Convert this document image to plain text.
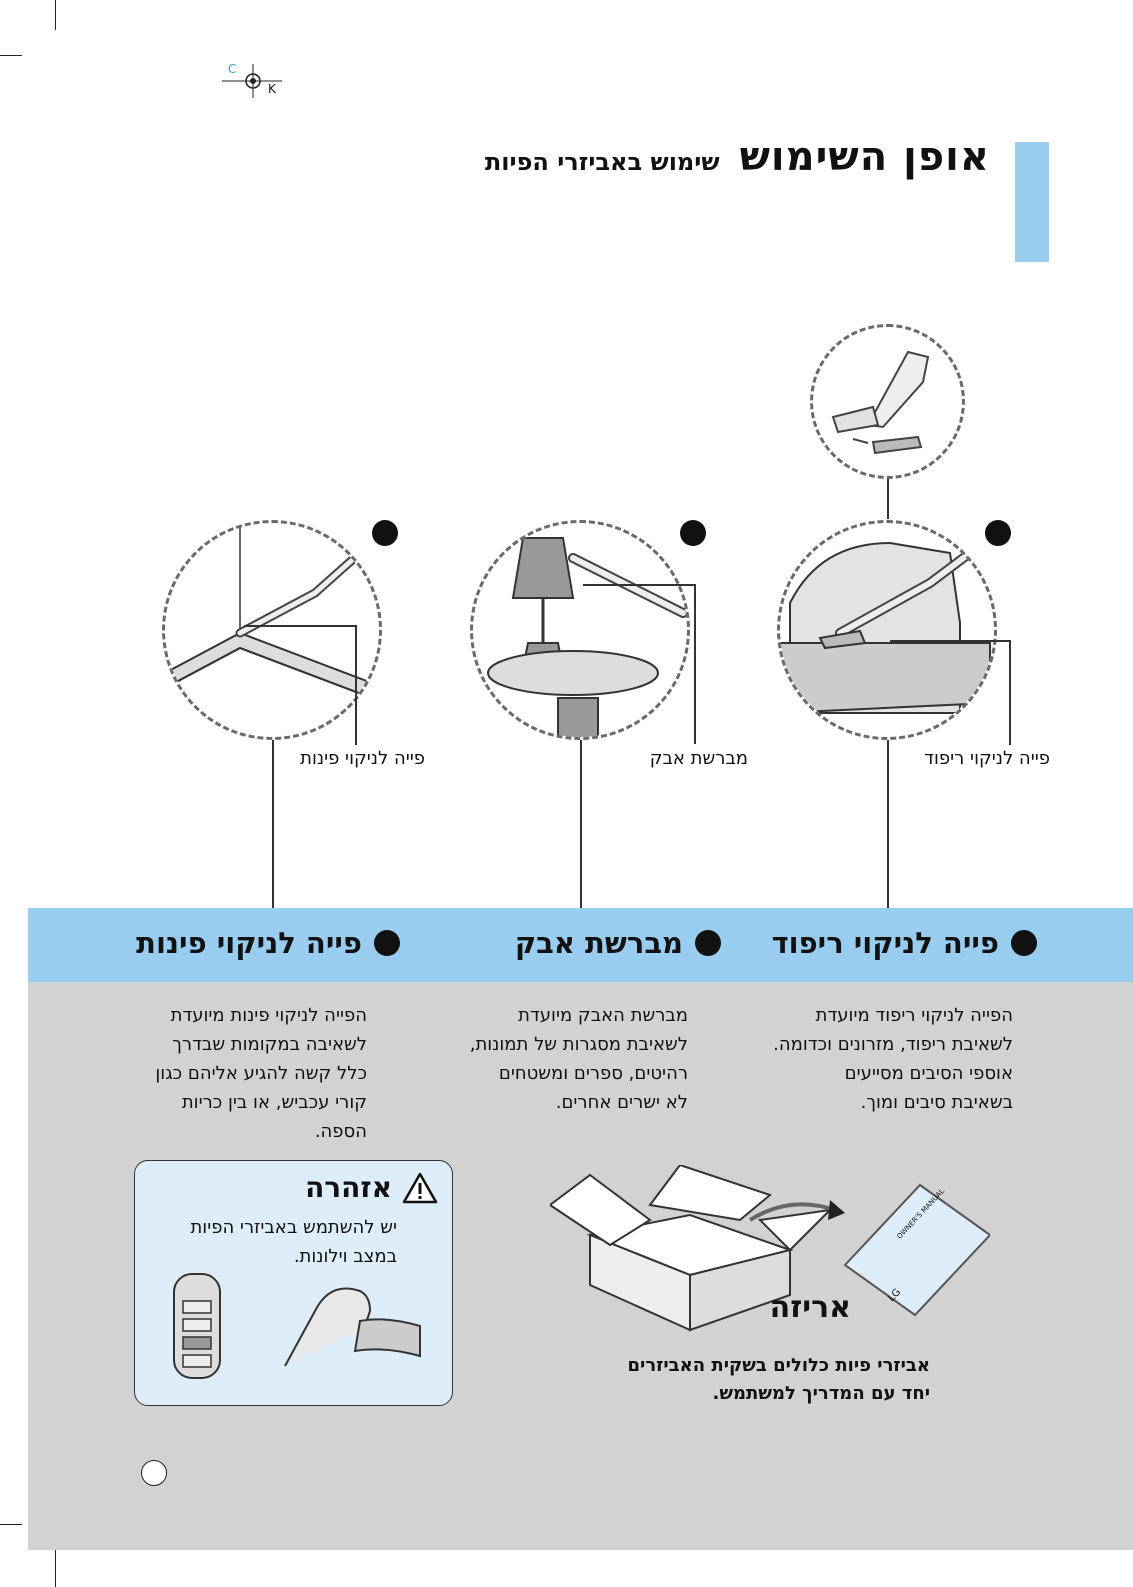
C
K
אופן השימוש
שימוש באביזרי הפיות
פייה לניקוי פינות	מברשת אבק	פייה לניקוי ריפוד
פייה לניקוי ריפוד
מברשת אבק
פייה לניקוי פינות
הפייה לניקוי ריפוד מיועדת
לשאיבת ריפוד, מזרונים וכדומה.
אוספי הסיבים מסייעים
בשאיבת סיבים ומוך.
מברשת האבק מיועדת
לשאיבת מסגרות של תמונות,
רהיטים, ספרים ומשטחים
לא ישרים אחרים.
הפייה לניקוי פינות מיועדת
לשאיבה במקומות שבדרך
כלל קשה להגיע אליהם כגון
קורי עכביש, או בין כריות
הספה.
אזהרה
יש להשתמש באביזרי הפיות
במצב וילונות.
OWNER'S MANUAL
LG
אריזה
אביזרי פיות כלולים בשקית האביזרים
יחד עם המדריך למשתמש.
